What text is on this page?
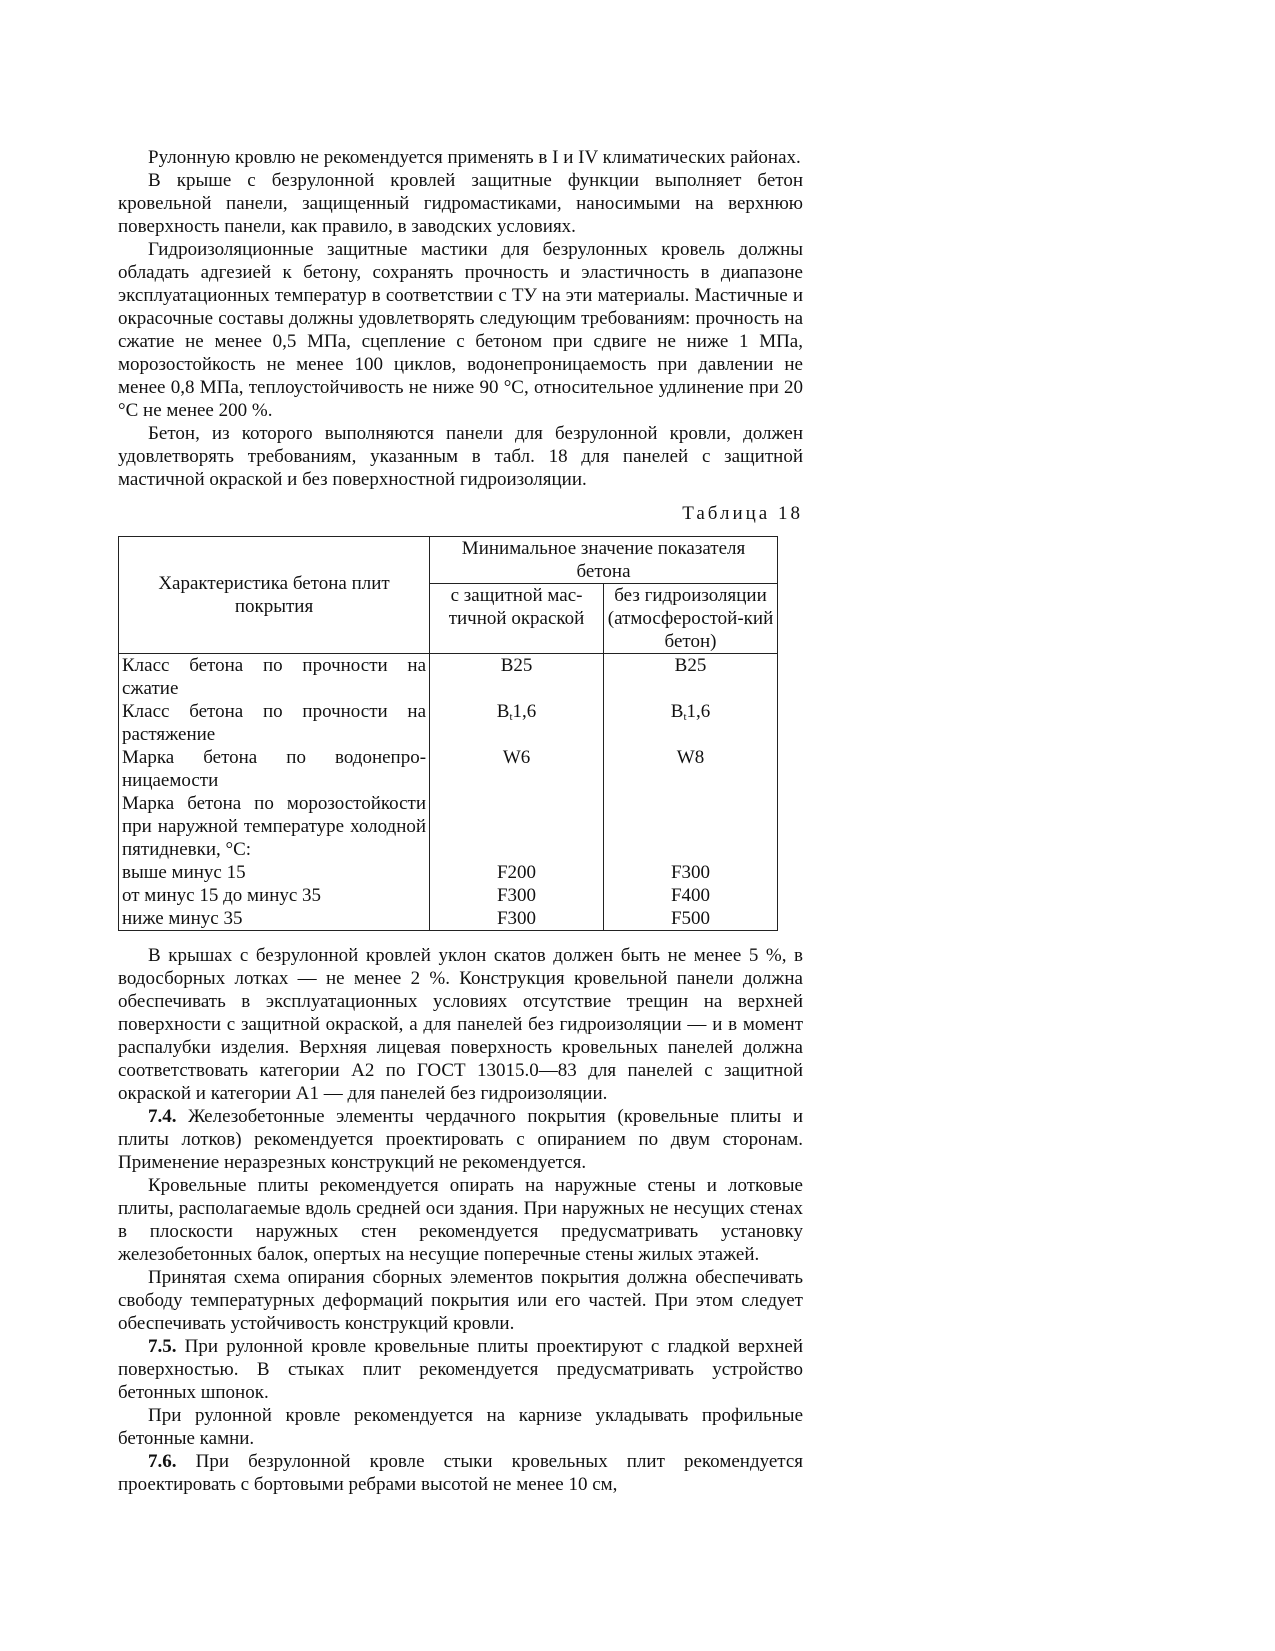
Рулонную кровлю не рекомендуется применять в I и IV климатических районах.

В крыше с безрулонной кровлей защитные функции выполняет бетон кровельной панели, защищенный гидромастиками, наносимыми на верхнюю поверхность панели, как правило, в заводских условиях.

Гидроизоляционные защитные мастики для безрулонных кровель должны обладать адгезией к бетону, сохранять прочность и эластичность в диапазоне эксплуатационных температур в соответствии с ТУ на эти материалы. Мастичные и окрасочные составы должны удовлетворять следующим требованиям: прочность на сжатие не менее 0,5 МПа, сцепление с бетоном при сдвиге не ниже 1 МПа, морозостойкость не менее 100 циклов, водонепроницаемость при давлении не менее 0,8 МПа, теплоустойчивость не ниже 90 °С, относительное удлинение при 20 °С не менее 200 %.

Бетон, из которого выполняются панели для безрулонной кровли, должен удовлетворять требованиям, указанным в табл. 18 для панелей с защитной мастичной окраской и без поверхностной гидроизоляции.

Таблица 18
Характеристика бетона плит покрытия	Минимальное значение показателя бетона	
	с защитной мас-тичной окраской	без гидроизоляции (атмосферостой-кий бетон)
Класс бетона по прочности на сжатие	В25	В25
Класс бетона по прочности на растяжение	$B_t1,6$	$B_t1,6$
Марка бетона по водонепро-ницаемости	W6	W8
Марка бетона по морозостойкости при наружной температуре холодной пятидневки, °С:		
выше минус 15	F200	F300
от минус 15 до минус 35	F300	F400
ниже минус 35	F300	F500

В крышах с безрулонной кровлей уклон скатов должен быть не менее 5 %, в водосборных лотках — не менее 2 %. Конструкция кровельной панели должна обеспечивать в эксплуатационных условиях отсутствие трещин на верхней поверхности с защитной окраской, а для панелей без гидроизоляции — и в момент распалубки изделия. Верхняя лицевая поверхность кровельных панелей должна соответствовать категории А2 по ГОСТ 13015.0—83 для панелей с защитной окраской и категории А1 — для панелей без гидроизоляции.

7.4. Железобетонные элементы чердачного покрытия (кровельные плиты и плиты лотков) рекомендуется проектировать с опиранием по двум сторонам. Применение неразрезных конструкций не рекомендуется.

Кровельные плиты рекомендуется опирать на наружные стены и лотковые плиты, располагаемые вдоль средней оси здания. При наружных не несущих стенах в плоскости наружных стен рекомендуется предусматривать установку железобетонных балок, опертых на несущие поперечные стены жилых этажей.

Принятая схема опирания сборных элементов покрытия должна обеспечивать свободу температурных деформаций покрытия или его частей. При этом следует обеспечивать устойчивость конструкций кровли.

7.5. При рулонной кровле кровельные плиты проектируют с гладкой верхней поверхностью. В стыках плит рекомендуется предусматривать устройство бетонных шпонок.

При рулонной кровле рекомендуется на карнизе укладывать профильные бетонные камни.

7.6. При безрулонной кровле стыки кровельных плит рекомендуется проектировать с бортовыми ребрами высотой не менее 10 см,
